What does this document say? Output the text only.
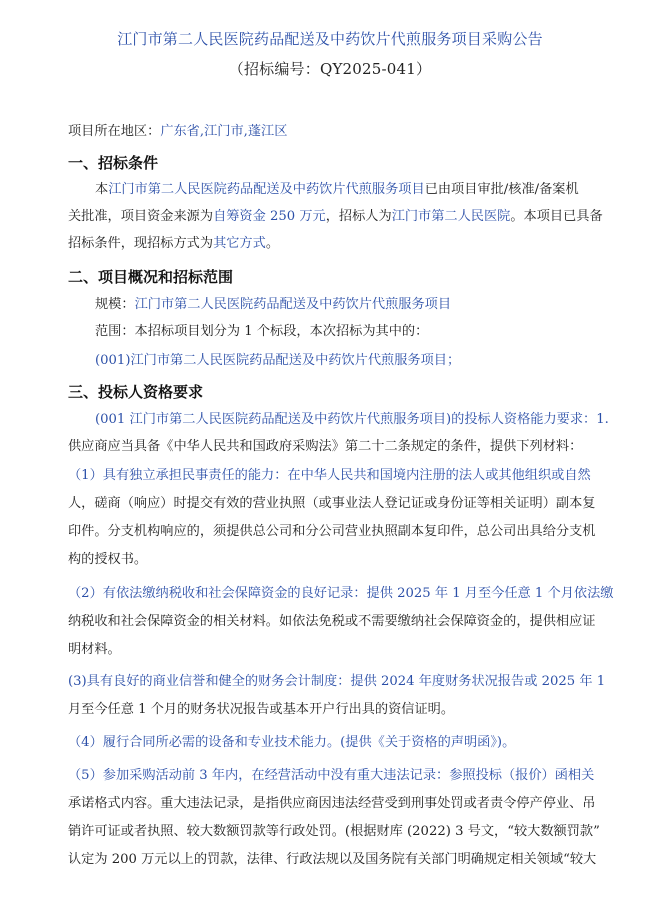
江门市第二人民医院药品配送及中药饮片代煎服务项目采购公告
（招标编号：QY2025-041）
项目所在地区：广东省,江门市,蓬江区
一、招标条件
本江门市第二人民医院药品配送及中药饮片代煎服务项目已由项目审批/核准/备案机
关批准，项目资金来源为自筹资金 250 万元，招标人为江门市第二人民医院。本项目已具备
招标条件，现招标方式为其它方式。
二、项目概况和招标范围
规模：江门市第二人民医院药品配送及中药饮片代煎服务项目
范围：本招标项目划分为 1 个标段，本次招标为其中的：
(001)江门市第二人民医院药品配送及中药饮片代煎服务项目；
三、投标人资格要求
(001 江门市第二人民医院药品配送及中药饮片代煎服务项目)的投标人资格能力要求：1.
供应商应当具备《中华人民共和国政府采购法》第二十二条规定的条件，提供下列材料：
（1）具有独立承担民事责任的能力：在中华人民共和国境内注册的法人或其他组织或自然
人，磋商（响应）时提交有效的营业执照（或事业法人登记证或身份证等相关证明）副本复
印件。分支机构响应的，须提供总公司和分公司营业执照副本复印件，总公司出具给分支机
构的授权书。
（2）有依法缴纳税收和社会保障资金的良好记录：提供 2025 年 1 月至今任意 1 个月依法缴
纳税收和社会保障资金的相关材料。如依法免税或不需要缴纳社会保障资金的，提供相应证
明材料。
(3)具有良好的商业信誉和健全的财务会计制度：提供 2024 年度财务状况报告或 2025 年 1
月至今任意 1 个月的财务状况报告或基本开户行出具的资信证明。
（4）履行合同所必需的设备和专业技术能力。(提供《关于资格的声明函》)。
（5）参加采购活动前 3 年内，在经营活动中没有重大违法记录：参照投标（报价）函相关
承诺格式内容。重大违法记录，是指供应商因违法经营受到刑事处罚或者责令停产停业、吊
销许可证或者执照、较大数额罚款等行政处罚。(根据财库 (2022) 3 号文，“较大数额罚款”
认定为 200 万元以上的罚款，法律、行政法规以及国务院有关部门明确规定相关领域“较大
